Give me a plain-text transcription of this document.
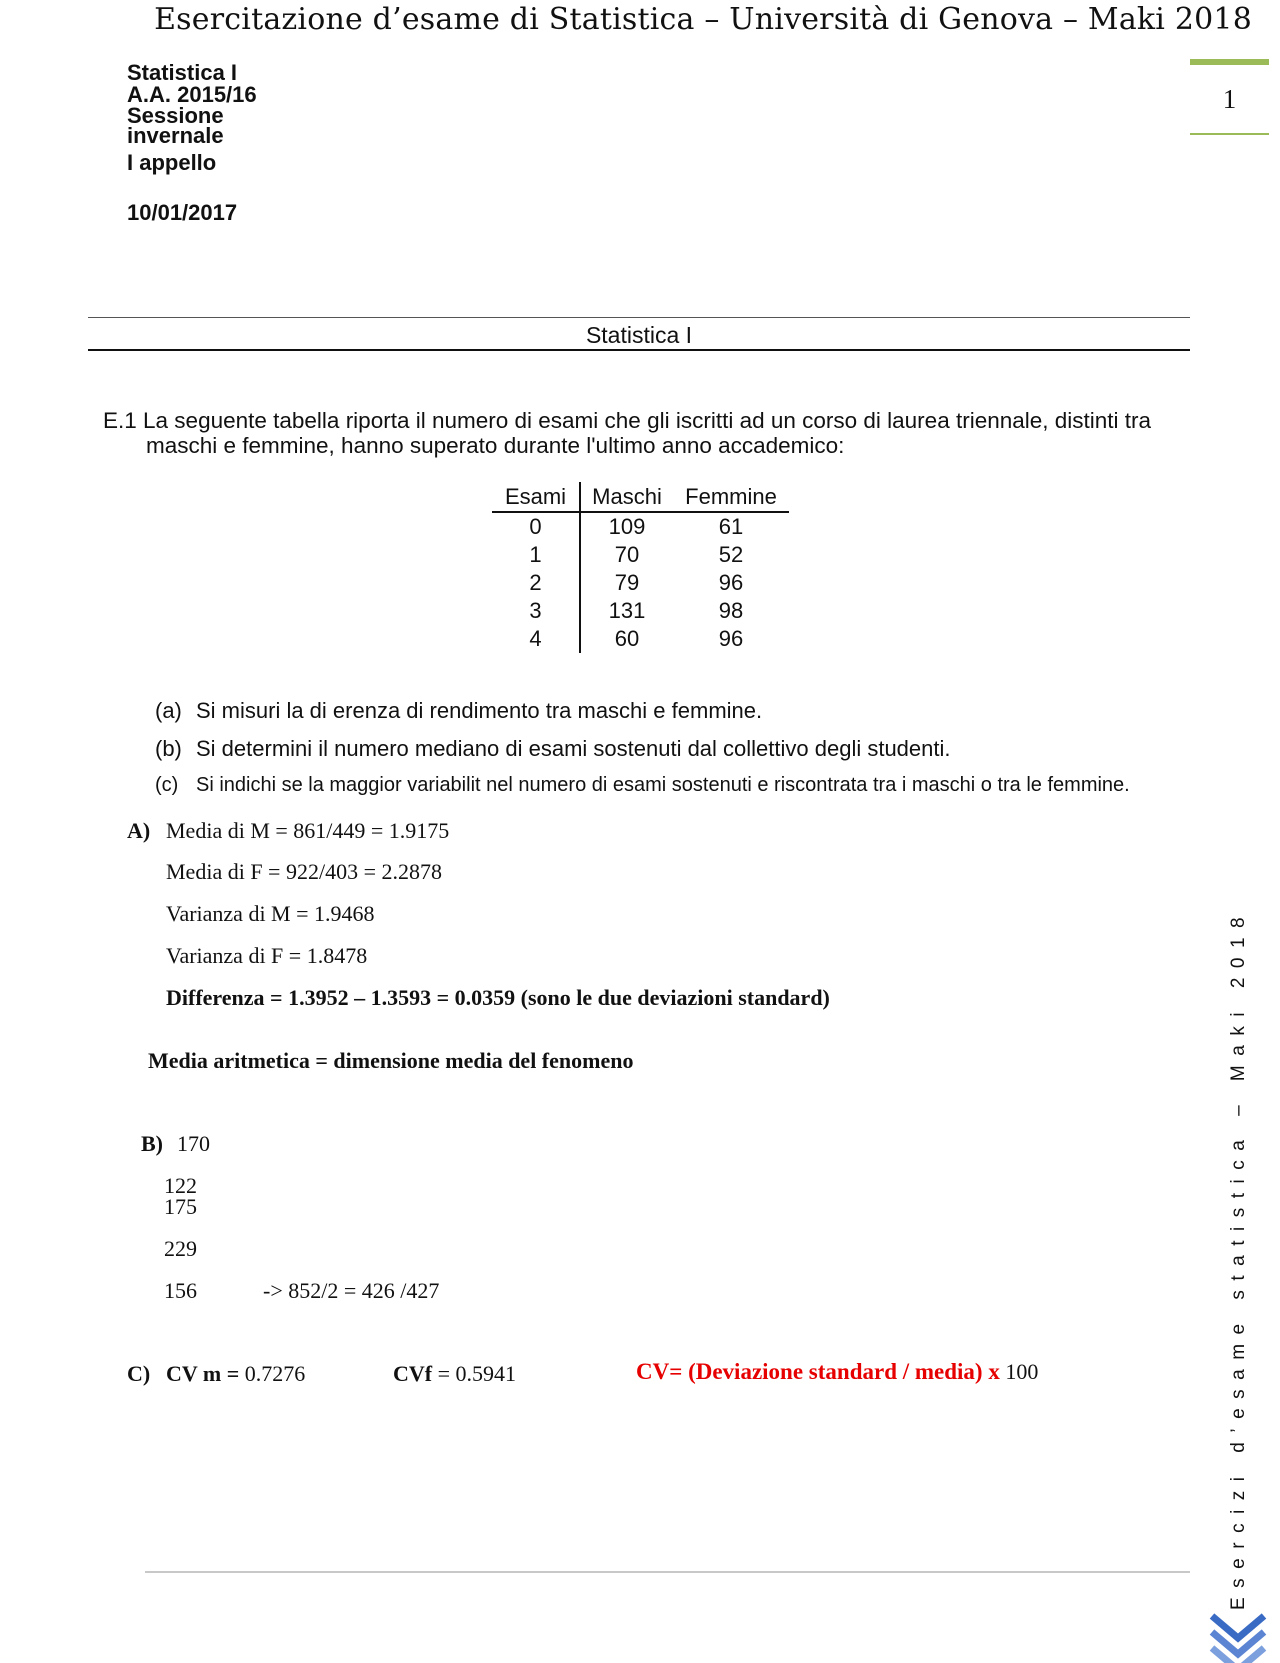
Esercitazione d’esame di Statistica – Università di Genova – Maki 2018
Statistica I
A.A. 2015/16
Sessione
invernale
I appello
10/01/2017
1
Statistica I
E.1 La seguente tabella riporta il numero di esami che gli iscritti ad un corso di laurea triennale, distinti tra
maschi e femmine, hanno superato durante l'ultimo anno accademico:
Esami	Maschi	Femmine
0	109	61
1	70	52
2	79	96
3	131	98
4	60	96
(a) Si misuri la di erenza di rendimento tra maschi e femmine.
(b) Si determini il numero mediano di esami sostenuti dal collettivo degli studenti.
(c) Si indichi se la maggior variabilit nel numero di esami sostenuti e riscontrata tra i maschi o tra le femmine.
A) Media di M = 861/449 = 1.9175
Media di F = 922/403 = 2.2878
Varianza di M = 1.9468
Varianza di F = 1.8478
Differenza = 1.3952 – 1.3593 = 0.0359 (sono le due deviazioni standard)
Media aritmetica = dimensione media del fenomeno
B) 170
122
175
229
156	-> 852/2 = 426 /427
C) CV m = 0.7276	CVf = 0.5941	CV= (Deviazione standard / media) x 100	Esercizi d’esame statistica – Maki 2018
